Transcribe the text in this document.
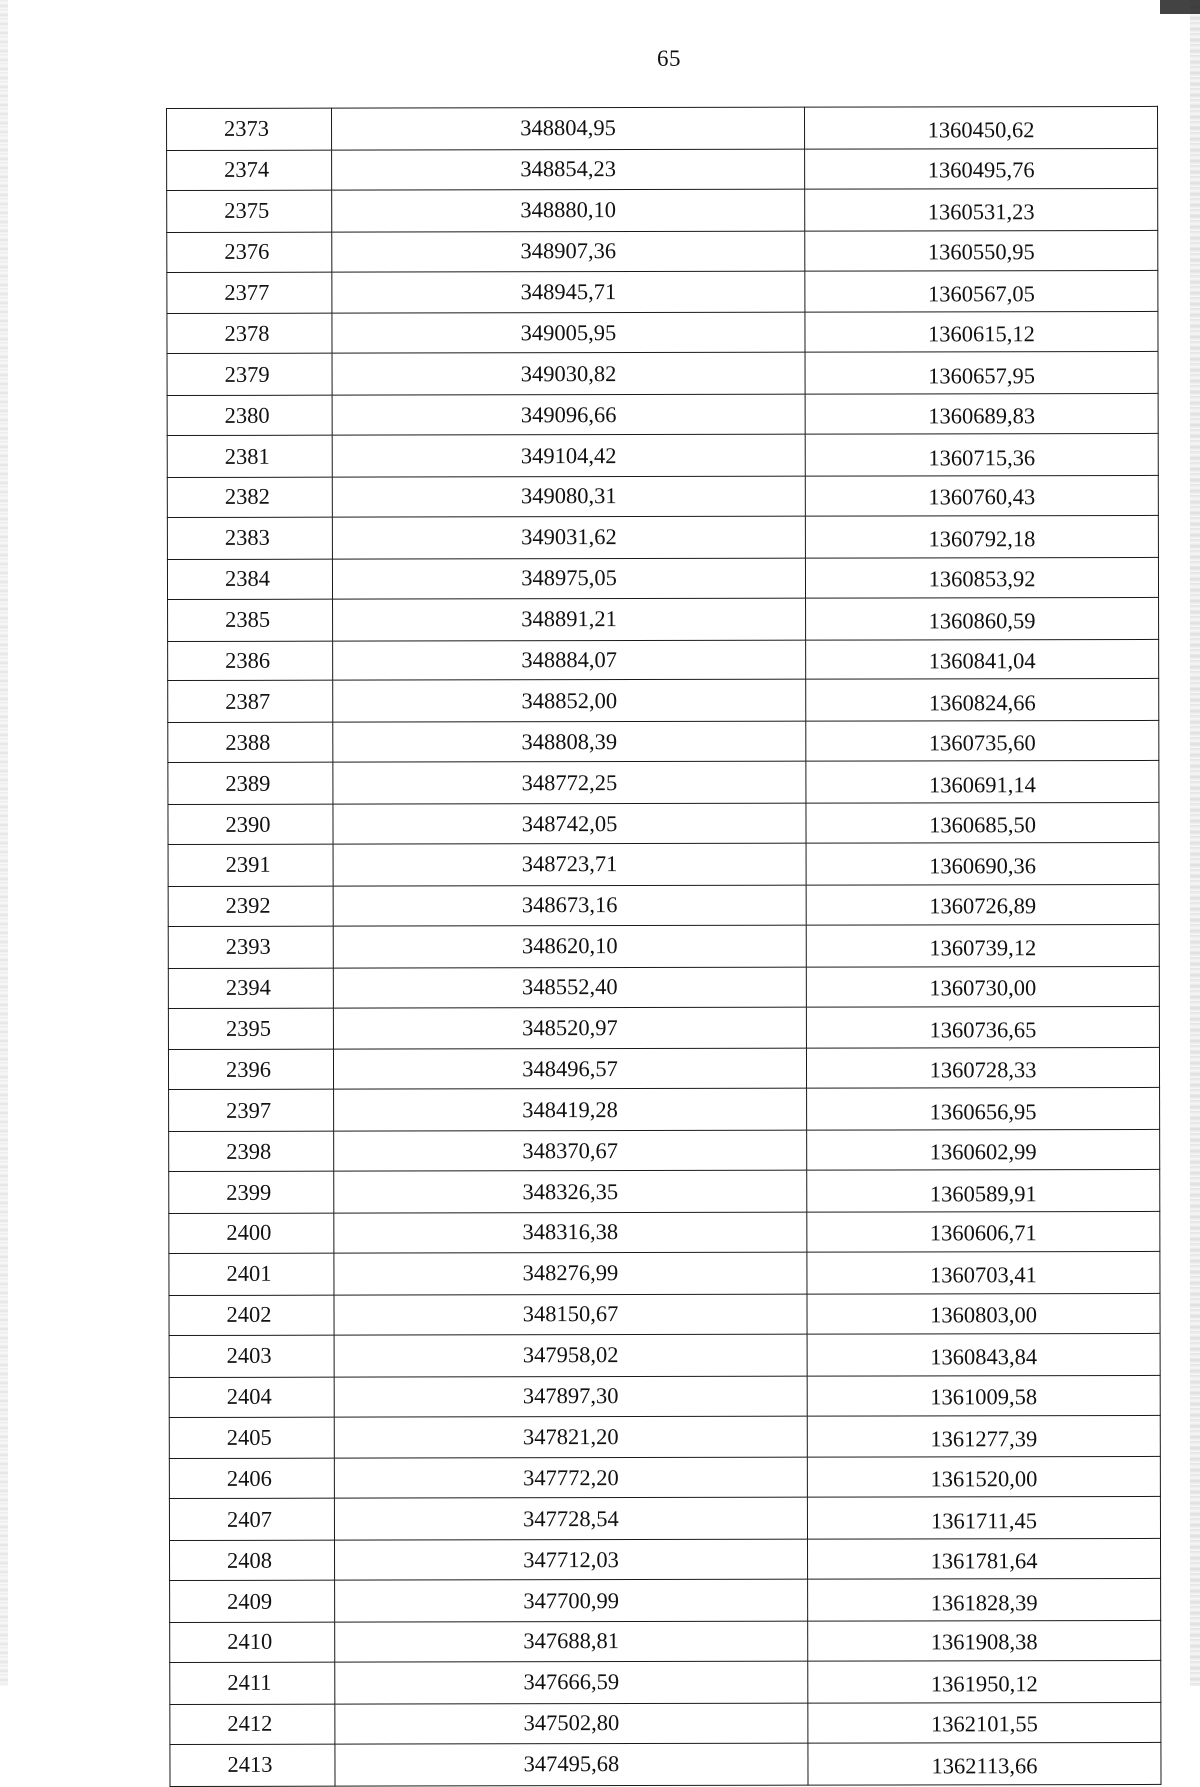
65
2373	348804,95	1360450,62
2374	348854,23	1360495,76
2375	348880,10	1360531,23
2376	348907,36	1360550,95
2377	348945,71	1360567,05
2378	349005,95	1360615,12
2379	349030,82	1360657,95
2380	349096,66	1360689,83
2381	349104,42	1360715,36
2382	349080,31	1360760,43
2383	349031,62	1360792,18
2384	348975,05	1360853,92
2385	348891,21	1360860,59
2386	348884,07	1360841,04
2387	348852,00	1360824,66
2388	348808,39	1360735,60
2389	348772,25	1360691,14
2390	348742,05	1360685,50
2391	348723,71	1360690,36
2392	348673,16	1360726,89
2393	348620,10	1360739,12
2394	348552,40	1360730,00
2395	348520,97	1360736,65
2396	348496,57	1360728,33
2397	348419,28	1360656,95
2398	348370,67	1360602,99
2399	348326,35	1360589,91
2400	348316,38	1360606,71
2401	348276,99	1360703,41
2402	348150,67	1360803,00
2403	347958,02	1360843,84
2404	347897,30	1361009,58
2405	347821,20	1361277,39
2406	347772,20	1361520,00
2407	347728,54	1361711,45
2408	347712,03	1361781,64
2409	347700,99	1361828,39
2410	347688,81	1361908,38
2411	347666,59	1361950,12
2412	347502,80	1362101,55
2413	347495,68	1362113,66
